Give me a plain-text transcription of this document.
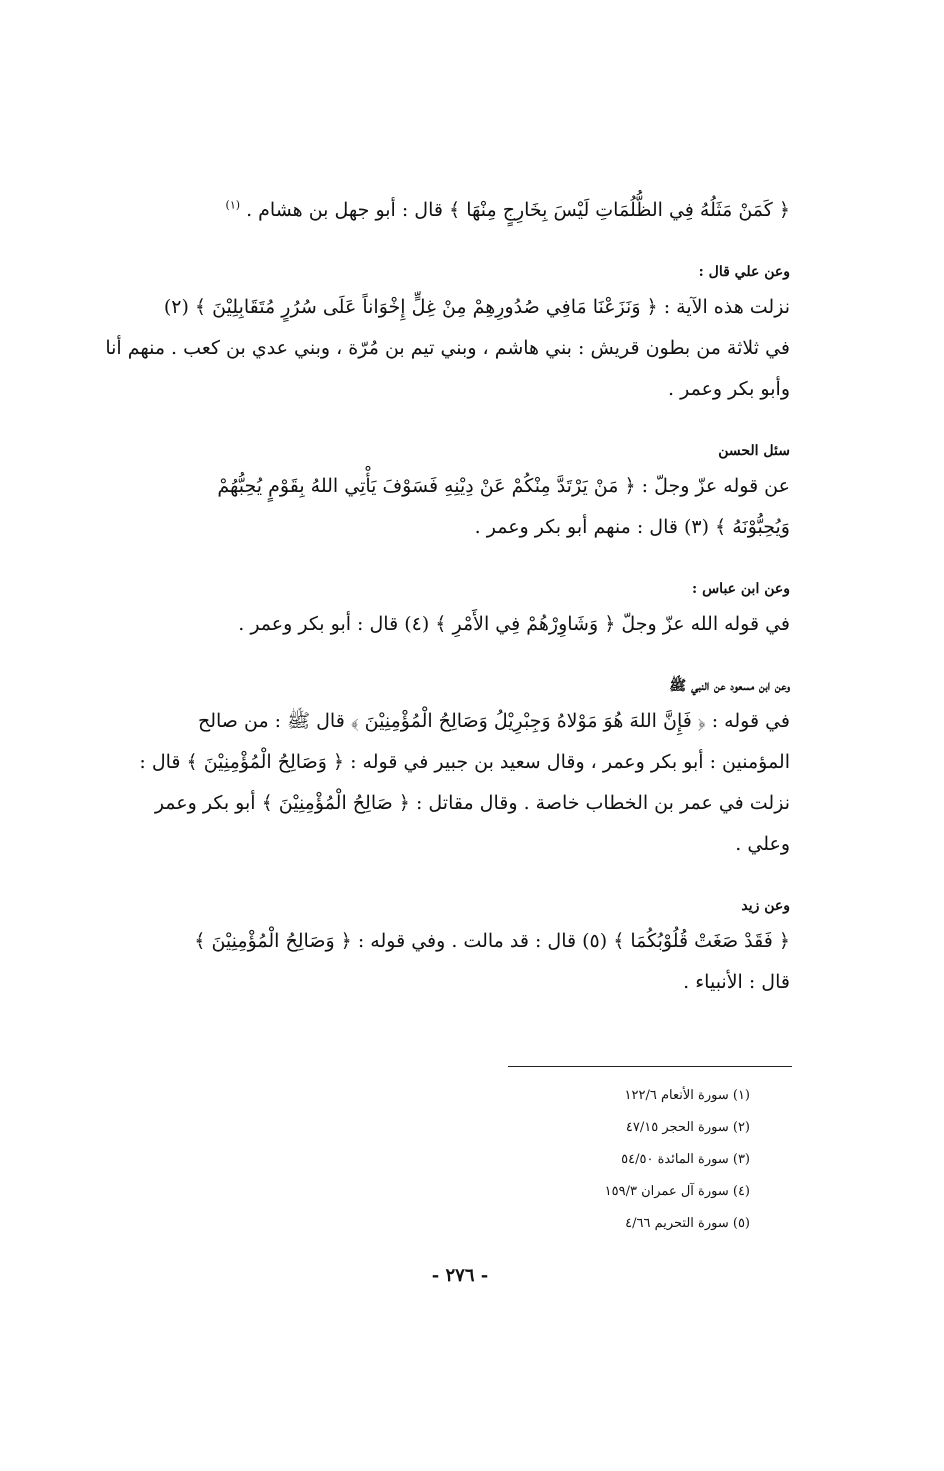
﴿ كَمَنْ مَثَلُهُ فِي الظُّلُمَاتِ لَيْسَ بِخَارِجٍ مِنْهَا ﴾ قال : أبو جهل بن هشام . $^{(١)}$

وعن علي قال :

نزلت هذه الآية : ﴿ وَنَزَعْنَا مَافِي صُدُورِهِمْ مِنْ غِلٍّ إِخْوَاناً عَلَى سُرُرٍ مُتَقَابِلِيْنَ ﴾ (٢)

في ثلاثة من بطون قريش : بني هاشم ، وبني تيم بن مُرّة ، وبني عدي بن كعب . منهم أنا

وأبو بكر وعمر .

سئل الحسن

عن قوله عزّ وجلّ : ﴿ مَنْ يَرْتَدَّ مِنْكُمْ عَنْ دِيْنِهِ فَسَوْفَ يَأْتِي اللهُ بِقَوْمٍ يُحِبُّهُمْ

وَيُحِبُّوْنَهُ ﴾ (٣) قال : منهم أبو بكر وعمر .

وعن ابن عباس :

في قوله الله عزّ وجلّ ﴿ وَشَاوِرْهُمْ فِي الأَمْرِ ﴾ (٤) قال : أبو بكر وعمر .

وعن ابن مسعود عن النبي ﷺ

في قوله : ﴿ فَإِنَّ اللهَ هُوَ مَوْلاهُ وَجِبْرِيْلُ وَصَالِحُ الْمُؤْمِنِيْنَ ﴾ قال ﷺ : من صالح

المؤمنين : أبو بكر وعمر ، وقال سعيد بن جبير في قوله : ﴿ وَصَالِحُ الْمُؤْمِنِيْنَ ﴾ قال :

نزلت في عمر بن الخطاب خاصة . وقال مقاتل : ﴿ صَالِحُ الْمُؤْمِنِيْنَ ﴾ أبو بكر وعمر

وعلي .

وعن زيد

﴿ فَقَدْ صَغَتْ قُلُوْبُكُمَا ﴾ (٥) قال : قد مالت . وفي قوله : ﴿ وَصَالِحُ الْمُؤْمِنِيْنَ ﴾

قال : الأنبياء .

(١) سورة الأنعام ١٢٢/٦

(٢) سورة الحجر ٤٧/١٥

(٣) سورة المائدة ٥٤/٥٠

(٤) سورة آل عمران ١٥٩/٣

(٥) سورة التحريم ٤/٦٦

- ٢٧٦ -
